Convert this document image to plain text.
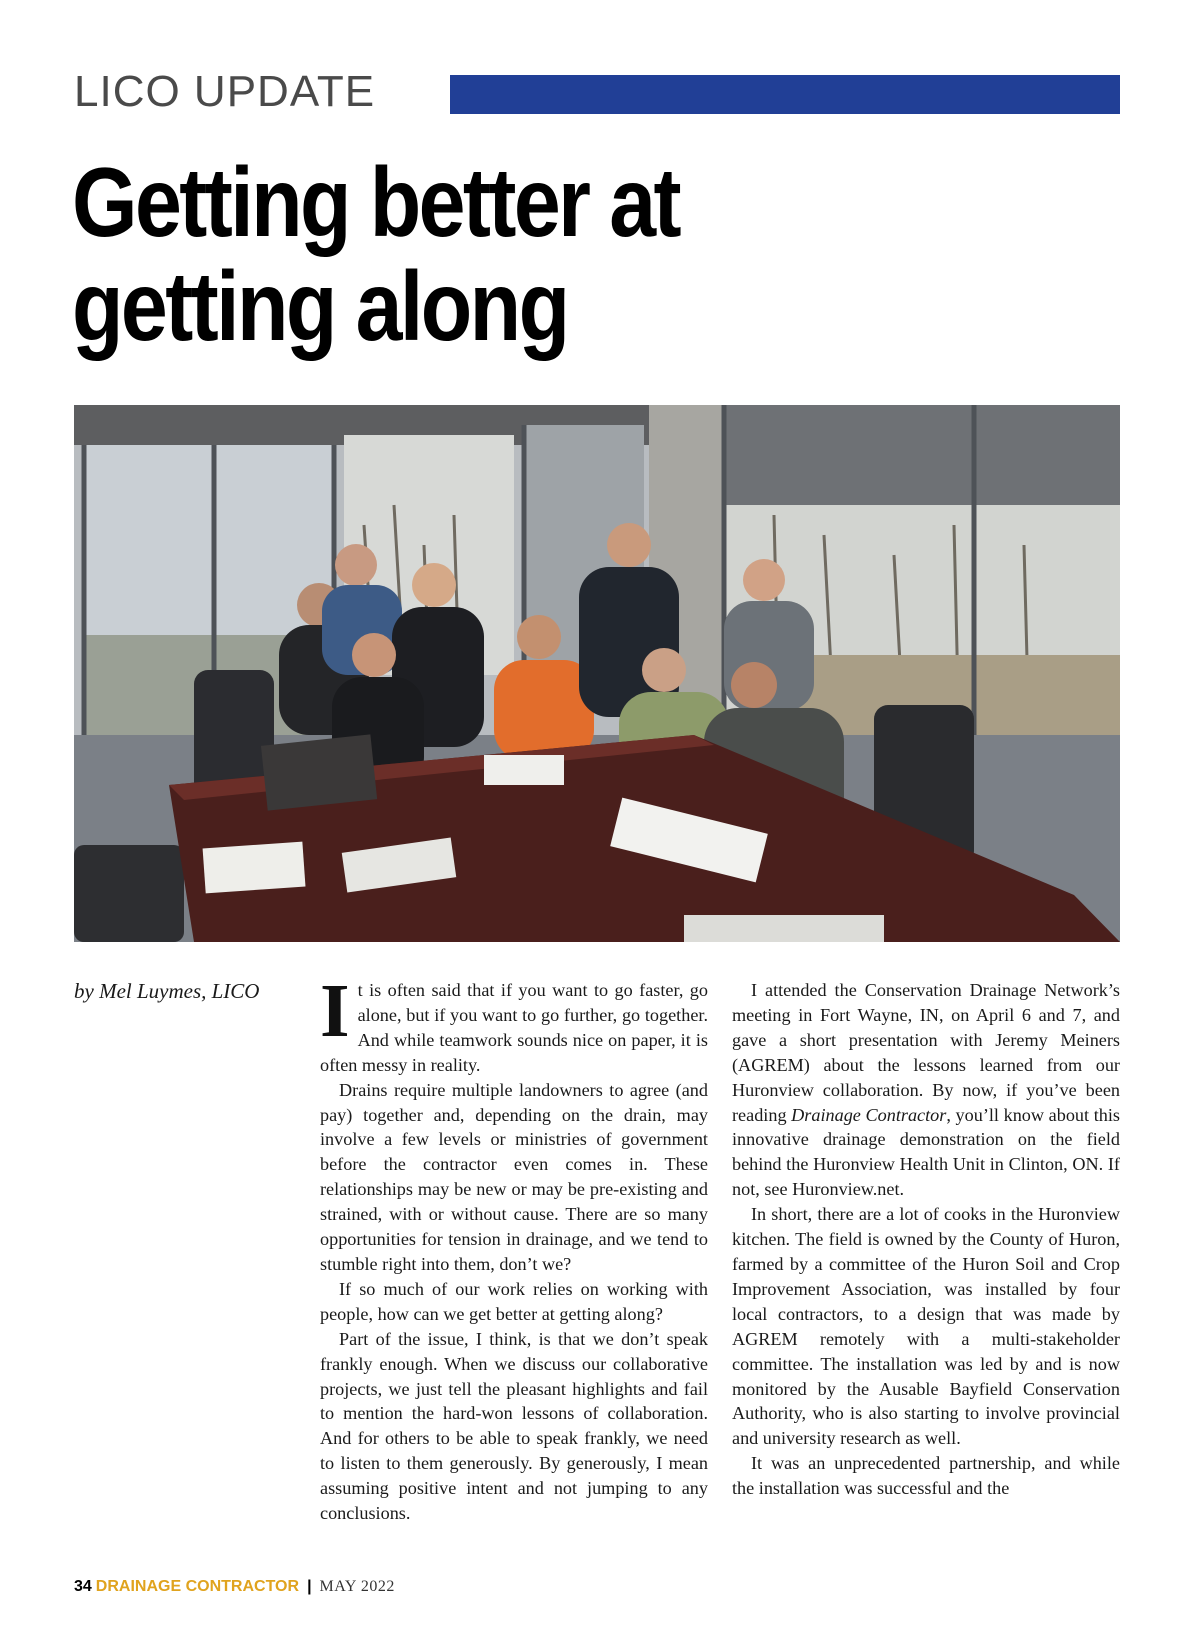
LICO UPDATE
Getting better at
getting along
by Mel Luymes, LICO It is often said that if you want to go faster, go alone, but if you want to go further, go together. And while teamwork sounds nice on paper, it is often messy in reality.

Drains require multiple landowners to agree (and pay) together and, depending on the drain, may involve a few levels or ministries of government before the contractor even comes in. These relationships may be new or may be pre-existing and strained, with or without cause. There are so many opportunities for tension in drainage, and we tend to stumble right into them, don’t we?

If so much of our work relies on working with people, how can we get better at getting along?

Part of the issue, I think, is that we don’t speak frankly enough. When we discuss our collaborative projects, we just tell the pleasant highlights and fail to mention the hard-won lessons of collaboration. And for others to be able to speak frankly, we need to listen to them generously. By generously, I mean assuming positive intent and not jumping to any conclusions.

I attended the Conservation Drainage Network’s meeting in Fort Wayne, IN, on April 6 and 7, and gave a short presentation with Jeremy Meiners (AGREM) about the lessons learned from our Huronview collaboration. By now, if you’ve been reading Drainage Contractor, you’ll know about this innovative drainage demonstration on the field behind the Huronview Health Unit in Clinton, ON. If not, see Huronview.net.

In short, there are a lot of cooks in the Huronview kitchen. The field is owned by the County of Huron, farmed by a committee of the Huron Soil and Crop Improvement Association, was installed by four local contractors, to a design that was made by AGREM remotely with a multi-stakeholder committee. The installation was led by and is now monitored by the Ausable Bayfield Conservation Authority, who is also starting to involve provincial and university research as well.

It was an unprecedented partnership, and while the installation was successful and the

34 DRAINAGE CONTRACTOR | MAY 2022
